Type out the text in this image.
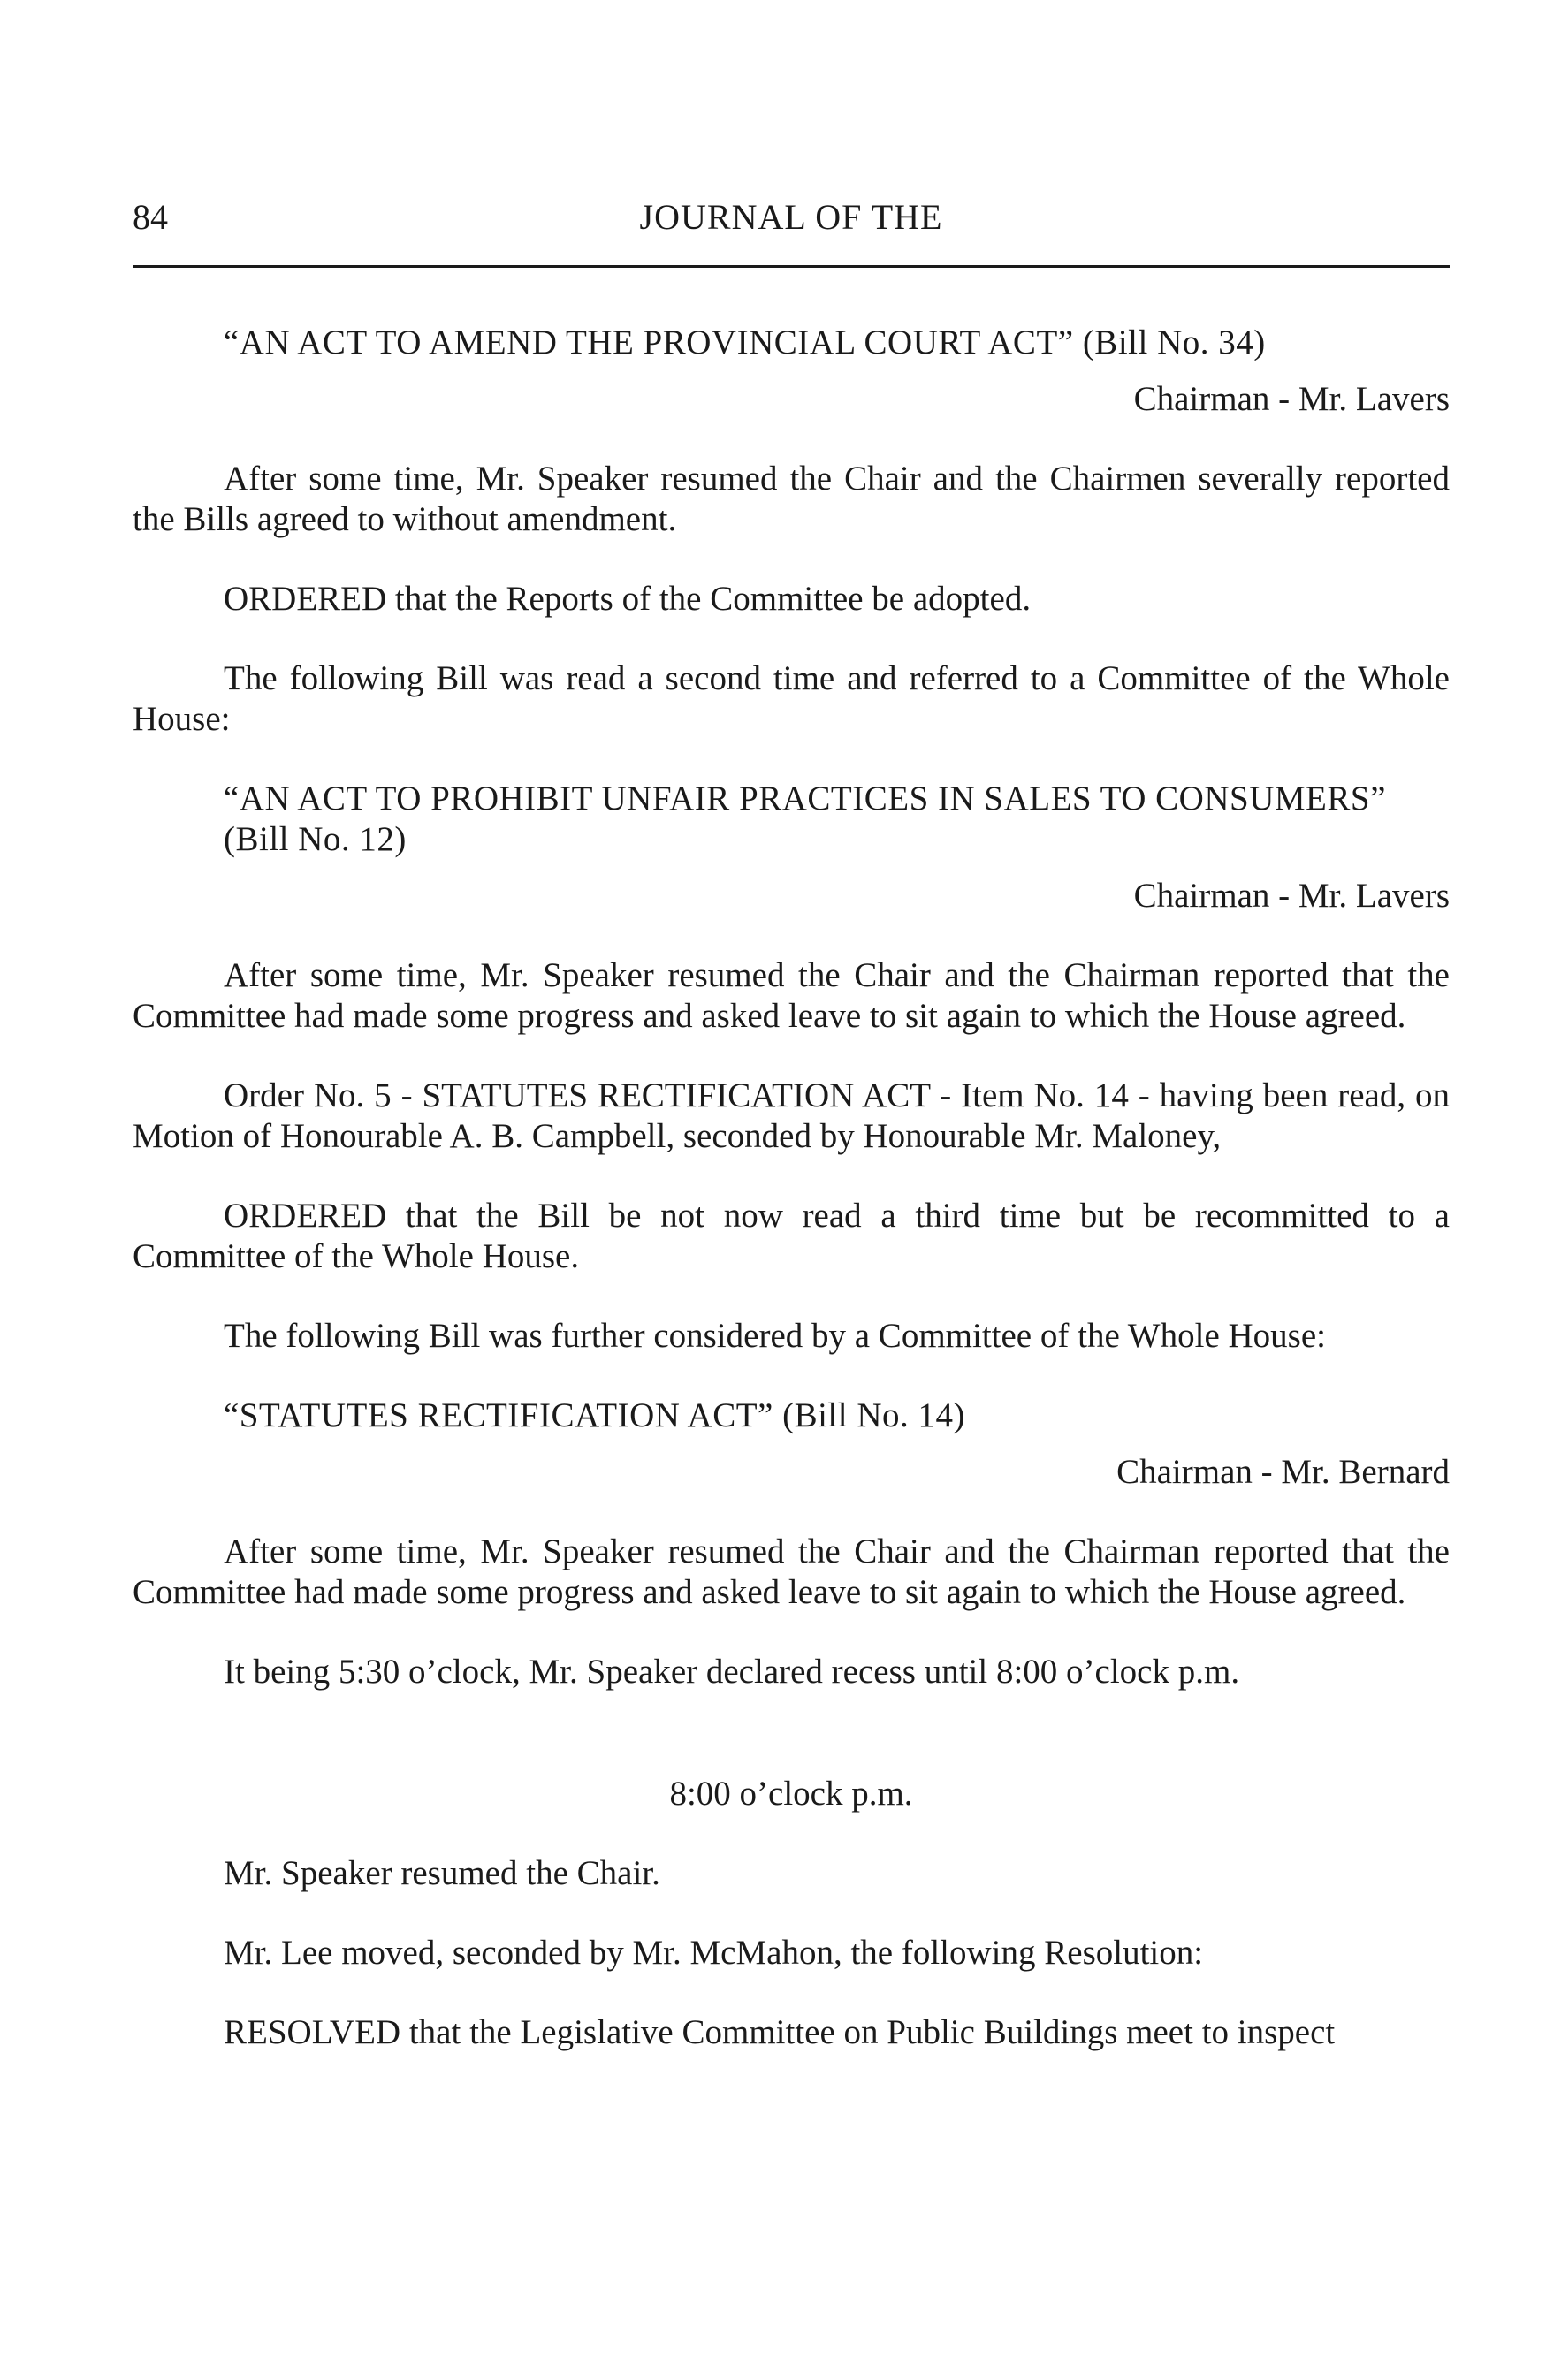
84	JOURNAL OF THE

“AN ACT TO AMEND THE PROVINCIAL COURT ACT” (Bill No. 34)

Chairman - Mr. Lavers

After some time, Mr. Speaker resumed the Chair and the Chairmen severally reported the Bills agreed to without amendment.

ORDERED that the Reports of the Committee be adopted.

The following Bill was read a second time and referred to a Committee of the Whole House:

“AN ACT TO PROHIBIT UNFAIR PRACTICES IN SALES TO CONSUMERS” (Bill No. 12)

Chairman - Mr. Lavers

After some time, Mr. Speaker resumed the Chair and the Chairman reported that the Committee had made some progress and asked leave to sit again to which the House agreed.

Order No. 5 - STATUTES RECTIFICATION ACT - Item No. 14 - having been read, on Motion of Honourable A. B. Campbell, seconded by Honourable Mr. Maloney,

ORDERED that the Bill be not now read a third time but be recommitted to a Committee of the Whole House.

The following Bill was further considered by a Committee of the Whole House:

“STATUTES RECTIFICATION ACT” (Bill No. 14)

Chairman - Mr. Bernard

After some time, Mr. Speaker resumed the Chair and the Chairman reported that the Committee had made some progress and asked leave to sit again to which the House agreed.

It being 5:30 o’clock, Mr. Speaker declared recess until 8:00 o’clock p.m.

8:00 o’clock p.m.

Mr. Speaker resumed the Chair.

Mr. Lee moved, seconded by Mr. McMahon, the following Resolution:

RESOLVED that the Legislative Committee on Public Buildings meet to inspect
